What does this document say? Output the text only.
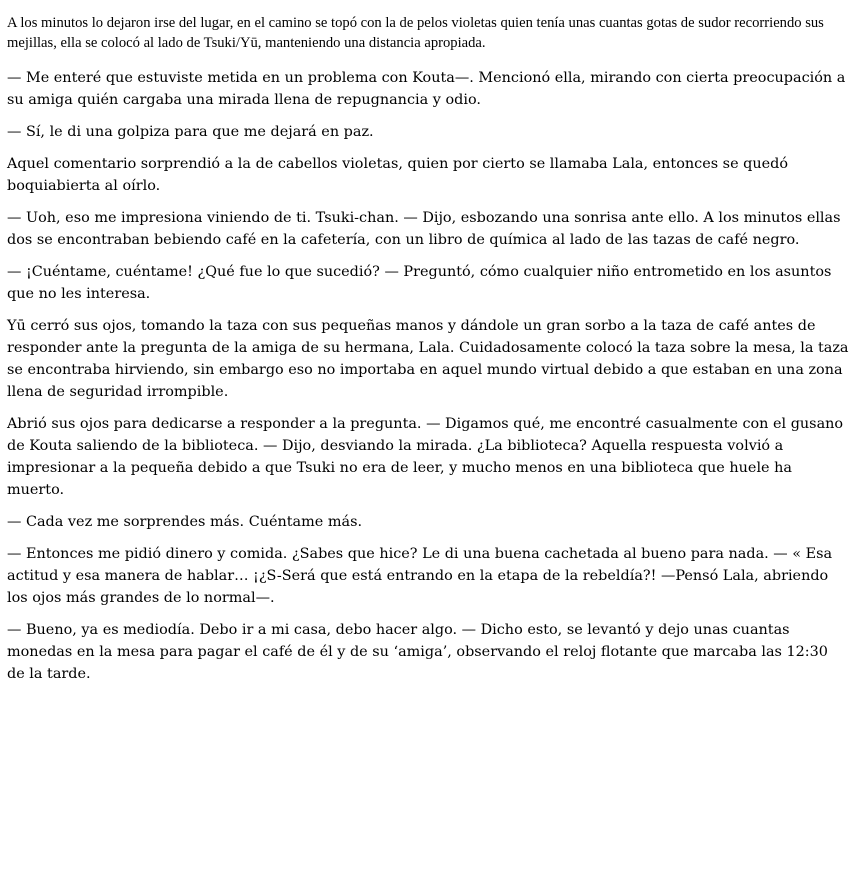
A los minutos lo dejaron irse del lugar, en el camino se topó con la de pelos violetas quien tenía unas cuantas gotas de sudor recorriendo sus mejillas, ella se colocó al lado de Tsuki/Yū, manteniendo una distancia apropiada.

— Me enteré que estuviste metida en un problema con Kouta—. Mencionó ella, mirando con cierta preocupación a su amiga quién cargaba una mirada llena de repugnancia y odio.

— Sí, le di una golpiza para que me dejará en paz.

Aquel comentario sorprendió a la de cabellos violetas, quien por cierto se llamaba Lala, entonces se quedó boquiabierta al oírlo.

— Uoh, eso me impresiona viniendo de ti. Tsuki-chan. — Dijo, esbozando una sonrisa ante ello. A los minutos ellas dos se encontraban bebiendo café en la cafetería, con un libro de química al lado de las tazas de café negro.

— ¡Cuéntame, cuéntame! ¿Qué fue lo que sucedió? — Preguntó, cómo cualquier niño entrometido en los asuntos que no les interesa.

Yū cerró sus ojos, tomando la taza con sus pequeñas manos y dándole un gran sorbo a la taza de café antes de responder ante la pregunta de la amiga de su hermana, Lala. Cuidadosamente colocó la taza sobre la mesa, la taza se encontraba hirviendo, sin embargo eso no importaba en aquel mundo virtual debido a que estaban en una zona llena de seguridad irrompible.

Abrió sus ojos para dedicarse a responder a la pregunta. — Digamos qué, me encontré casualmente con el gusano de Kouta saliendo de la biblioteca. — Dijo, desviando la mirada. ¿La biblioteca? Aquella respuesta volvió a impresionar a la pequeña debido a que Tsuki no era de leer, y mucho menos en una biblioteca que huele ha muerto.

— Cada vez me sorprendes más. Cuéntame más.

— Entonces me pidió dinero y comida. ¿Sabes que hice? Le di una buena cachetada al bueno para nada. — « Esa actitud y esa manera de hablar… ¡¿S-Será que está entrando en la etapa de la rebeldía?! —Pensó Lala, abriendo los ojos más grandes de lo normal—.

— Bueno, ya es mediodía. Debo ir a mi casa, debo hacer algo. — Dicho esto, se levantó y dejo unas cuantas monedas en la mesa para pagar el café de él y de su ‘amiga’, observando el reloj flotante que marcaba las 12:30 de la tarde.
